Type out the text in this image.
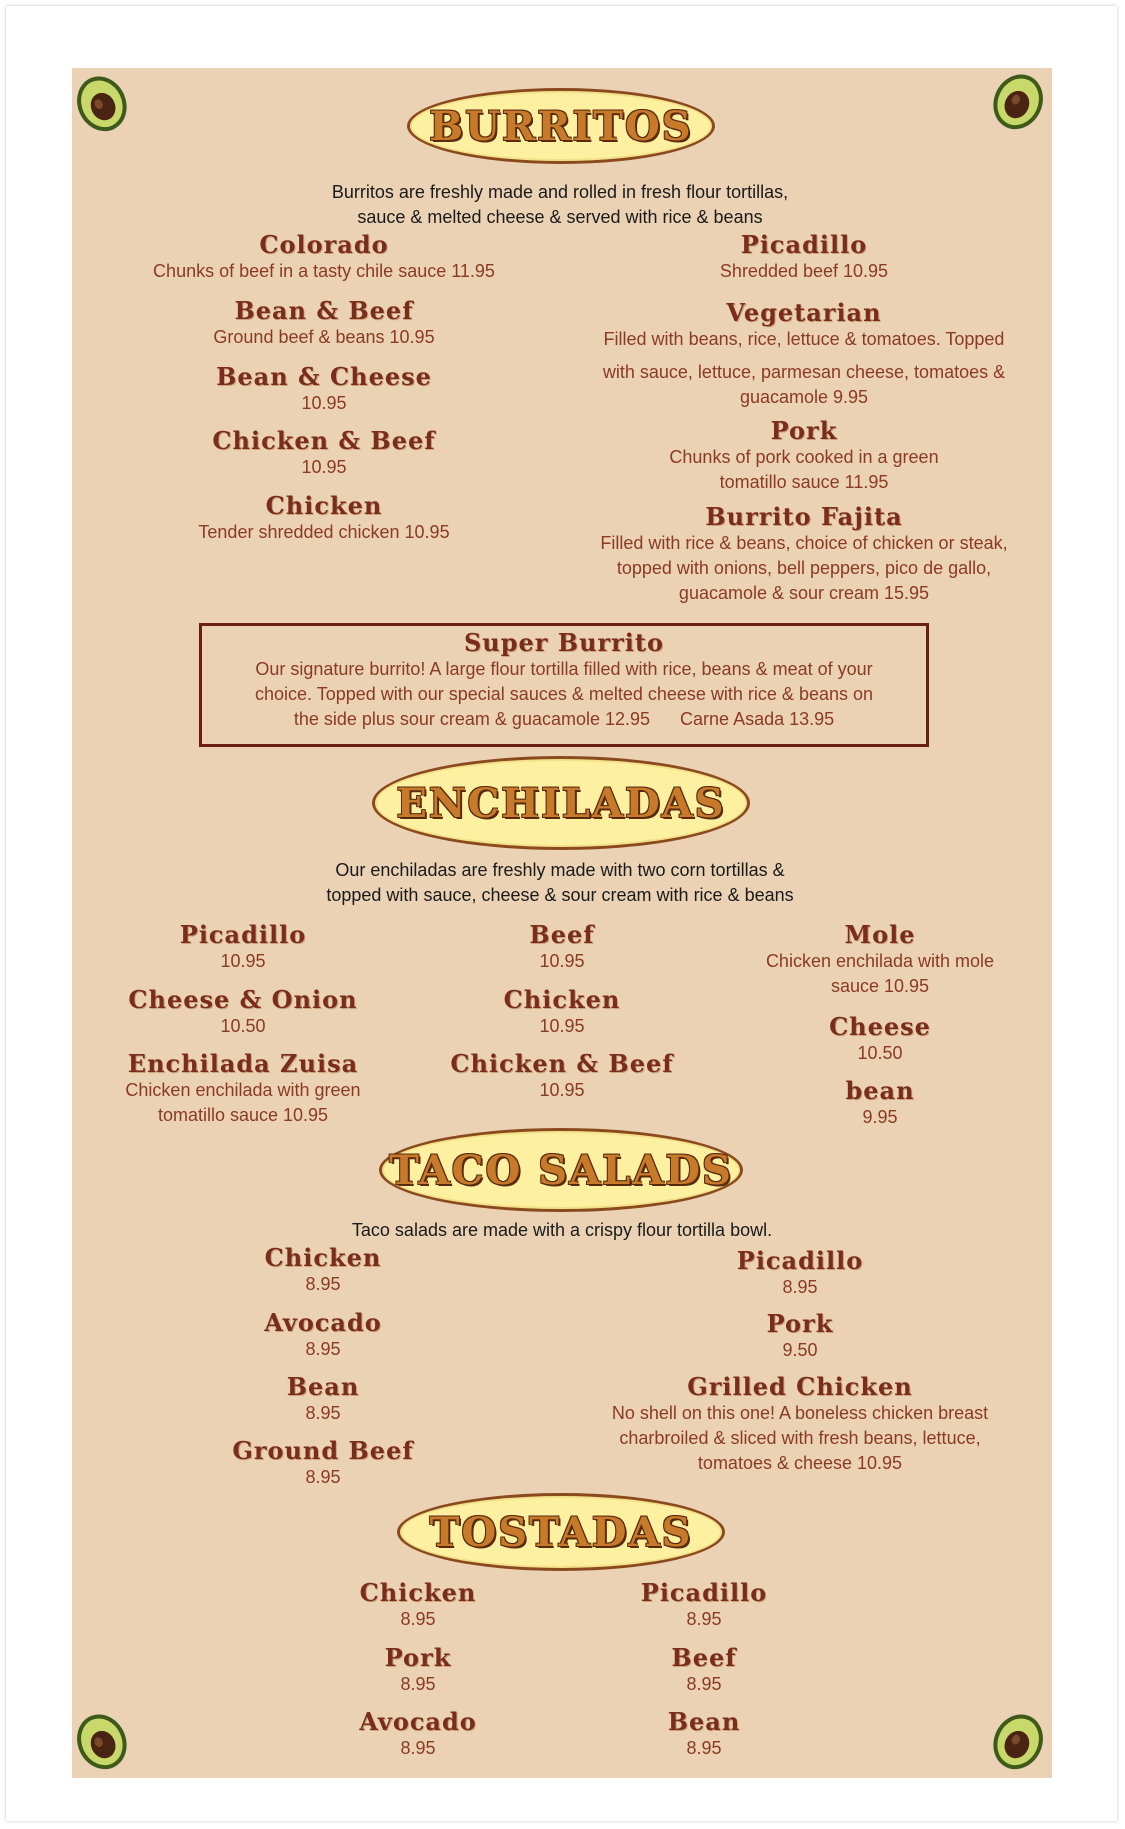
BURRITOS
Burritos are freshly made and rolled in fresh flour tortillas,
sauce & melted cheese & served with rice & beans
Colorado
Chunks of beef in a tasty chile sauce 11.95
Bean & Beef
Ground beef & beans 10.95
Bean & Cheese
10.95
Chicken & Beef
10.95
Chicken
Tender shredded chicken 10.95
Picadillo
Shredded beef 10.95
Vegetarian
Filled with beans, rice, lettuce & tomatoes. Topped
with sauce, lettuce, parmesan cheese, tomatoes &
guacamole 9.95
Pork
Chunks of pork cooked in a green
tomatillo sauce 11.95
Burrito Fajita
Filled with rice & beans, choice of chicken or steak,
topped with onions, bell peppers, pico de gallo,
guacamole & sour cream 15.95
Super Burrito
Our signature burrito! A large flour tortilla filled with rice, beans & meat of your
choice. Topped with our special sauces & melted cheese with rice & beans on
the side plus sour cream & guacamole 12.95 Carne Asada 13.95
ENCHILADAS
Our enchiladas are freshly made with two corn tortillas &
topped with sauce, cheese & sour cream with rice & beans
Picadillo
10.95
Cheese & Onion
10.50
Enchilada Zuisa
Chicken enchilada with green
tomatillo sauce 10.95
Beef
10.95
Chicken
10.95
Chicken & Beef
10.95
Mole
Chicken enchilada with mole
sauce 10.95
Cheese
10.50
bean
9.95
TACO SALADS
Taco salads are made with a crispy flour tortilla bowl.
Chicken
8.95
Avocado
8.95
Bean
8.95
Ground Beef
8.95
Picadillo
8.95
Pork
9.50
Grilled Chicken
No shell on this one! A boneless chicken breast
charbroiled & sliced with fresh beans, lettuce,
tomatoes & cheese 10.95
TOSTADAS
Chicken
8.95
Pork
8.95
Avocado
8.95
Picadillo
8.95
Beef
8.95
Bean
8.95
